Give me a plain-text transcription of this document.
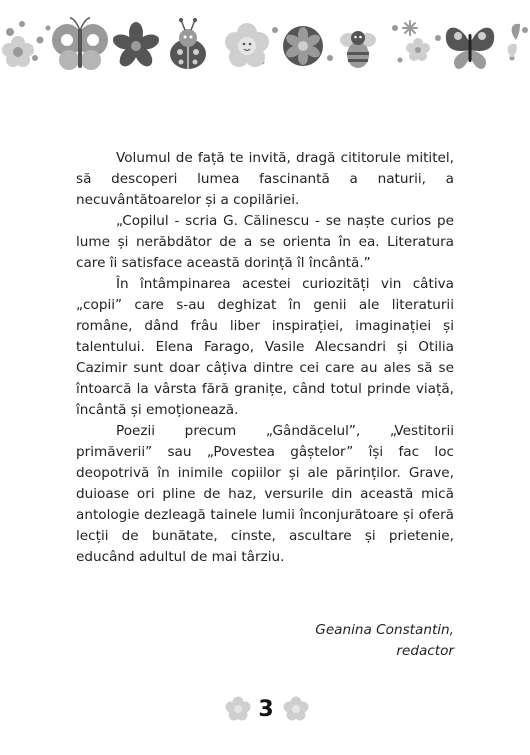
Volumul de față te invită, dragă cititorule mititel, să descoperi lumea fascinantă a naturii, a necuvântătoarelor și a copilăriei.

„Copilul - scria G. Călinescu - se naște curios pe lume și nerăbdător de a se orienta în ea. Literatura care îi satisface această dorință îl încântă.”

În întâmpinarea acestei curiozități vin câtiva „copii” care s-au deghizat în genii ale literaturii române, dând frâu liber inspirației, imaginației și talentului. Elena Farago, Vasile Alecsandri și Otilia Cazimir sunt doar câțiva dintre cei care au ales să se întoarcă la vârsta fără granițe, când totul prinde viață, încântă și emoționează.

Poezii precum „Gândăcelul”, „Vestitorii primăverii” sau „Povestea gâștelor” își fac loc deopotrivă în inimile copiilor și ale părinților. Grave, duioase ori pline de haz, versurile din această mică antologie dezleagă tainele lumii înconjurătoare și oferă lecții de bunătate, cinste, ascultare și prietenie, educând adultul de mai târziu.

Geanina Constantin,
redactor
3
